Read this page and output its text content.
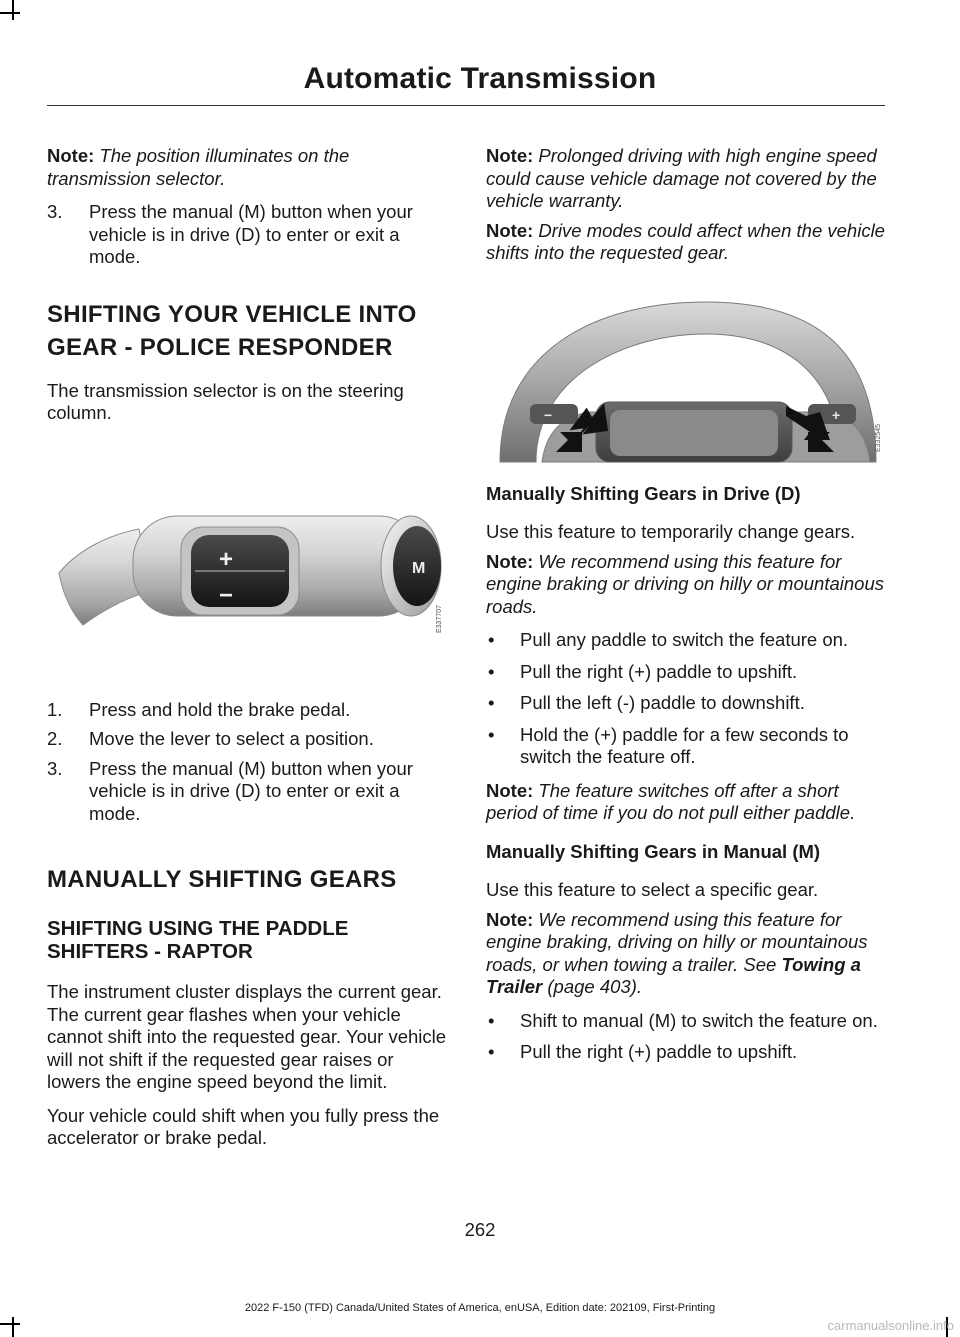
Automatic Transmission

Note: The position illuminates on the transmission selector.

3. Press the manual (M) button when your vehicle is in drive (D) to enter or exit a mode.
SHIFTING YOUR VEHICLE INTO GEAR - POLICE RESPONDER

The transmission selector is on the steering column.

M
+
−
E337707
1. Press and hold the brake pedal.
2. Move the lever to select a position.
3. Press the manual (M) button when your vehicle is in drive (D) to enter or exit a mode.
MANUALLY SHIFTING GEARS
SHIFTING USING THE PADDLE SHIFTERS - RAPTOR

The instrument cluster displays the current gear. The current gear flashes when your vehicle cannot shift into the requested gear. Your vehicle will not shift if the requested gear raises or lowers the engine speed beyond the limit.

Your vehicle could shift when you fully press the accelerator or brake pedal.

Note: Prolonged driving with high engine speed could cause vehicle damage not covered by the vehicle warranty.

Note: Drive modes could affect when the vehicle shifts into the requested gear.

−	+
E332545
Manually Shifting Gears in Drive (D)

Use this feature to temporarily change gears.

Note: We recommend using this feature for engine braking or driving on hilly or mountainous roads.

• Pull any paddle to switch the feature on.
• Pull the right (+) paddle to upshift.
• Pull the left (-) paddle to downshift.
• Hold the (+) paddle for a few seconds to switch the feature off.

Note: The feature switches off after a short period of time if you do not pull either paddle.

Manually Shifting Gears in Manual (M)

Use this feature to select a specific gear.

Note: We recommend using this feature for engine braking, driving on hilly or mountainous roads, or when towing a trailer. See Towing a Trailer (page 403).

• Shift to manual (M) to switch the feature on.
• Pull the right (+) paddle to upshift.
262
2022 F-150 (TFD) Canada/United States of America, enUSA, Edition date: 202109, First-Printing
carmanualsonline.info
